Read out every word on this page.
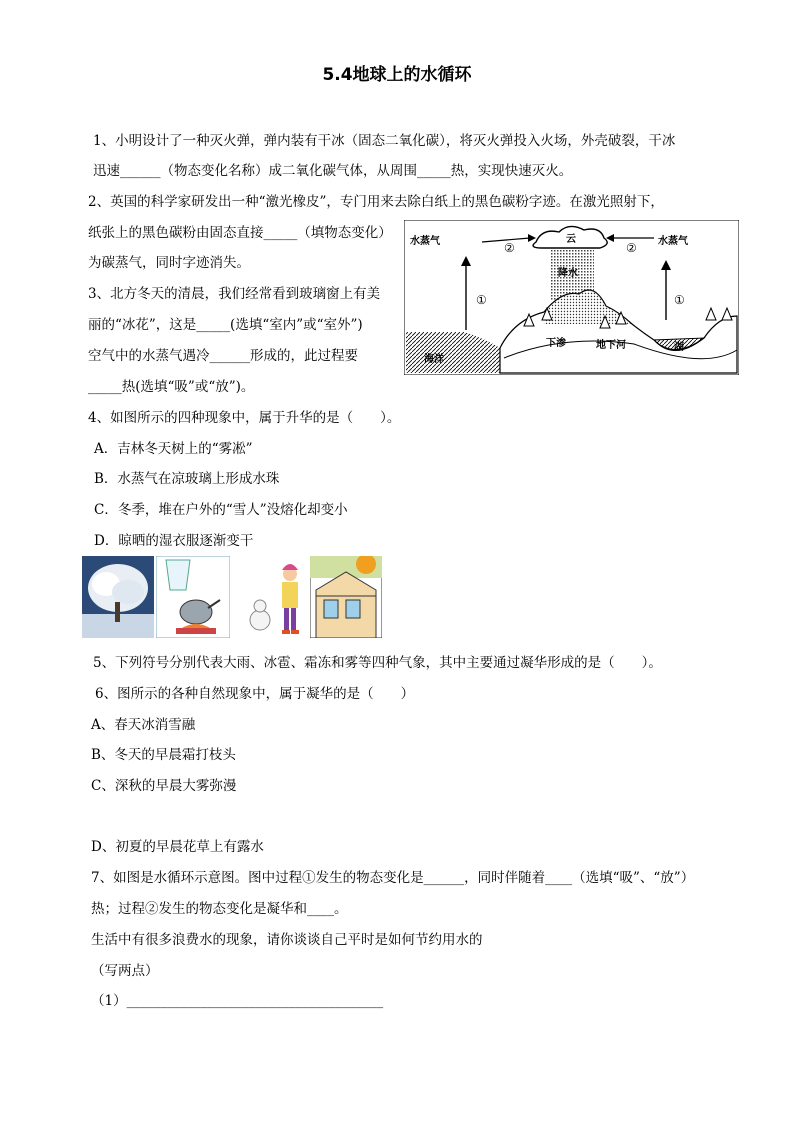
5.4地球上的水循环
1、小明设计了一种灭火弹，弹内装有干冰（固态二氧化碳），将灭火弹投入火场，外壳破裂，干冰
迅速______（物态变化名称）成二氧化碳气体，从周围_____热，实现快速灭火。
2、英国的科学家研发出一种“激光橡皮”，专门用来去除白纸上的黑色碳粉字迹。在激光照射下，
纸张上的黑色碳粉由固态直接_____（填物态变化）
为碳蒸气，同时字迹消失。
3、北方冬天的清晨，我们经常看到玻璃窗上有美
丽的“冰花”，这是_____(选填“室内”或“室外”)
空气中的水蒸气遇冷______形成的，此过程要
_____热(选填“吸”或“放”)。
水蒸气	水蒸气
云
降水
海洋
下渗	地下河	湖
①	①
②	②
4、如图所示的四种现象中，属于升华的是（　　）。
A．吉林冬天树上的“雾凇”
B．水蒸气在凉玻璃上形成水珠
C．冬季，堆在户外的“雪人”没熔化却变小
D．晾晒的湿衣服逐渐变干
5、下列符号分别代表大雨、冰雹、霜冻和雾等四种气象，其中主要通过凝华形成的是（　　）。
6、图所示的各种自然现象中，属于凝华的是（　　）
A、春天冰消雪融
B、冬天的早晨霜打枝头
C、深秋的早晨大雾弥漫
D、初夏的早晨花草上有露水
7、如图是水循环示意图。图中过程①发生的物态变化是______，同时伴随着____（选填“吸”、“放”）
热；过程②发生的物态变化是凝华和____。
生活中有很多浪费水的现象，请你谈谈自己平时是如何节约用水的
（写两点）
（1）______________________________________
